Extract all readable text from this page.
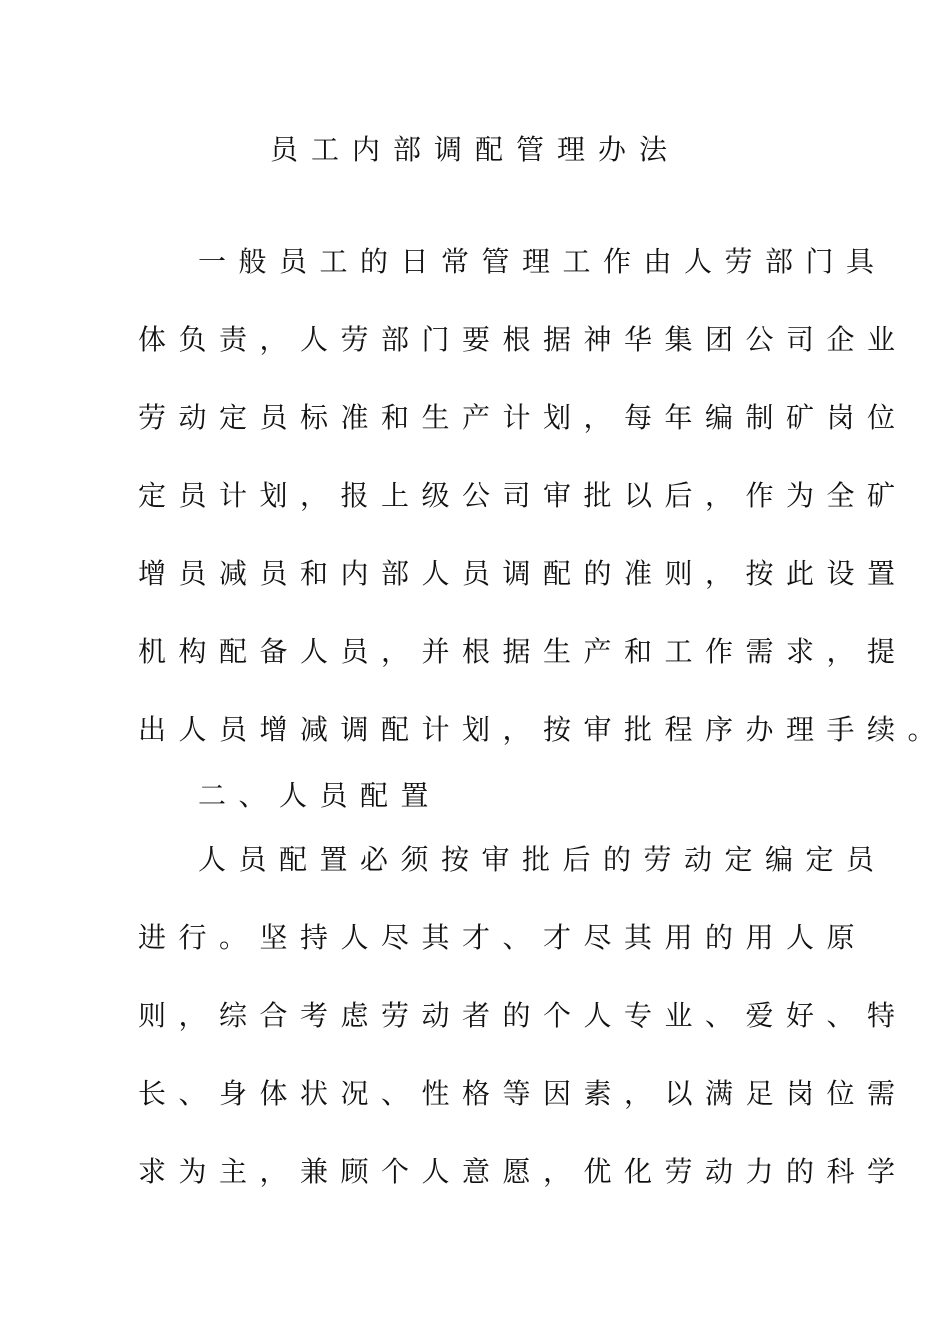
员工内部调配管理办法
一般员工的日常管理工作由人劳部门具
体负责，人劳部门要根据神华集团公司企业
劳动定员标准和生产计划，每年编制矿岗位
定员计划，报上级公司审批以后，作为全矿
增员减员和内部人员调配的准则，按此设置
机构配备人员，并根据生产和工作需求，提
出人员增减调配计划，按审批程序办理手续。
二、人员配置
人员配置必须按审批后的劳动定编定员
进行。坚持人尽其才、才尽其用的用人原
则，综合考虑劳动者的个人专业、爱好、特
长、身体状况、性格等因素，以满足岗位需
求为主，兼顾个人意愿，优化劳动力的科学
